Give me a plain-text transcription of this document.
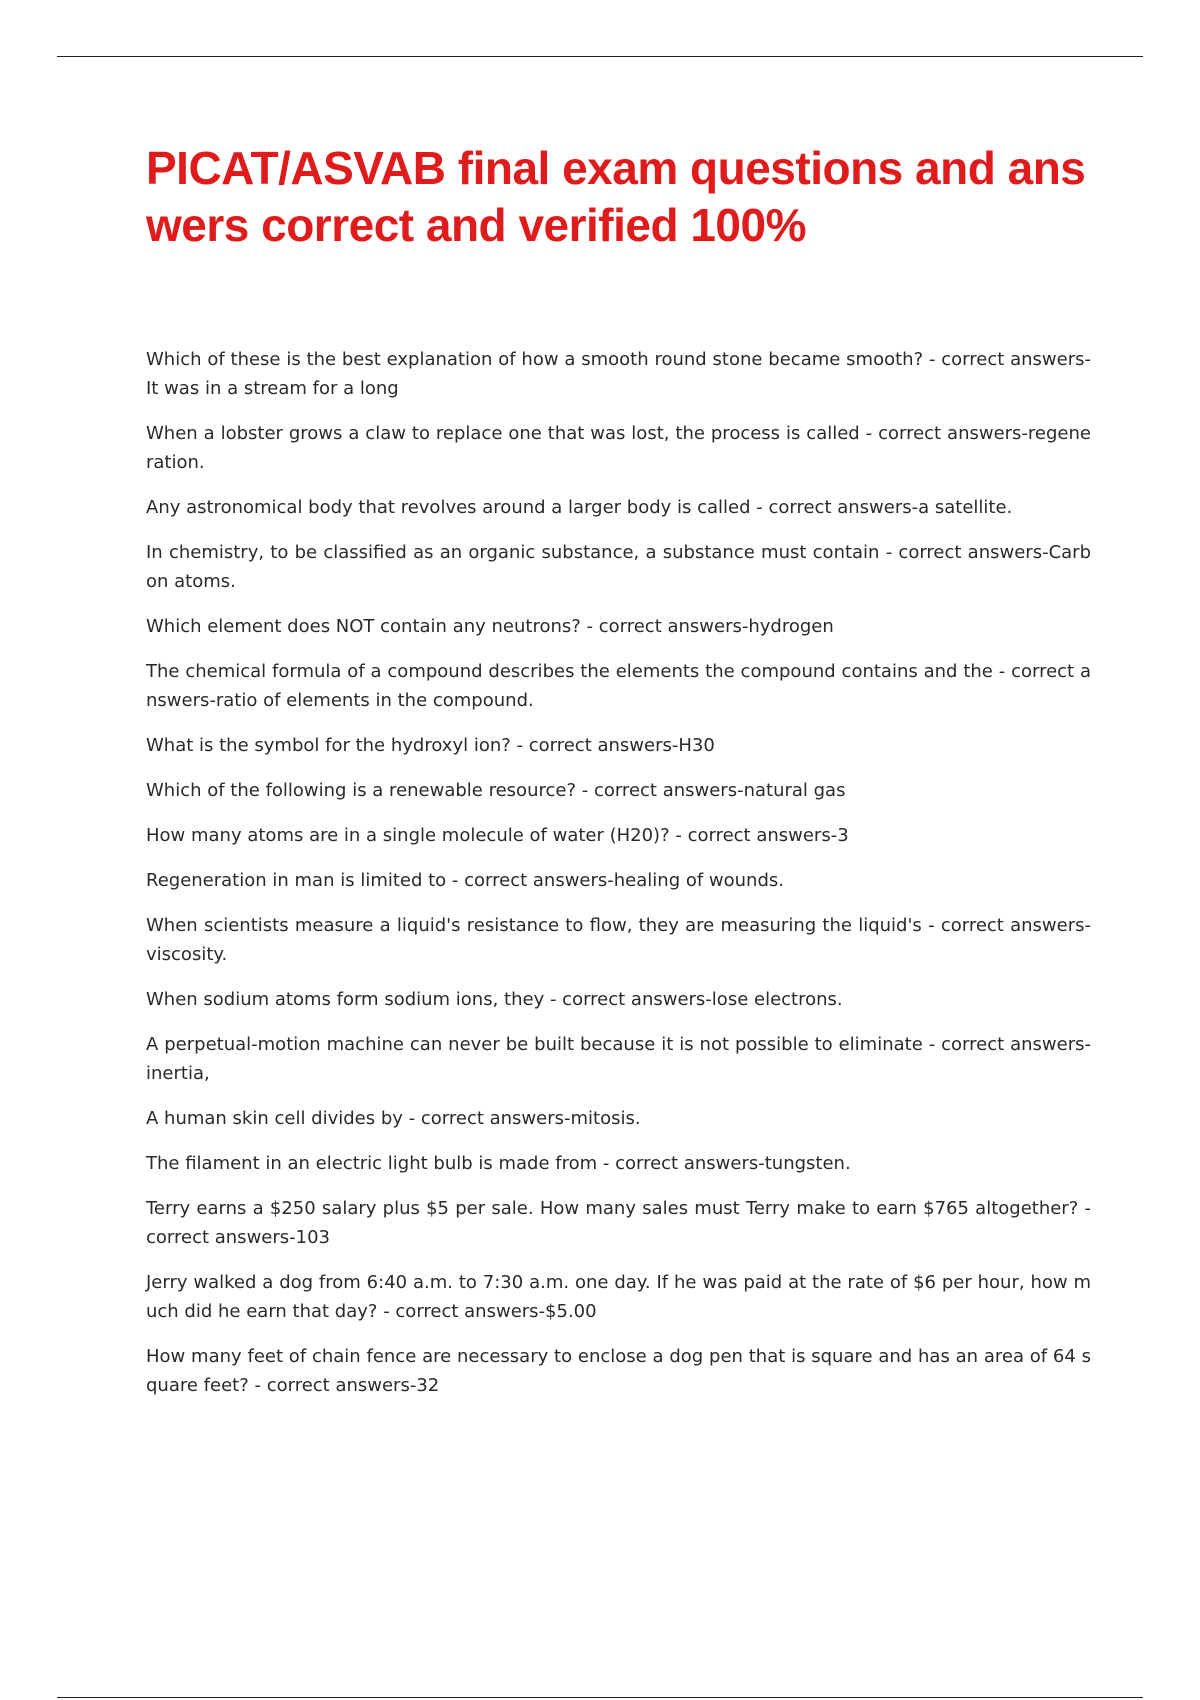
PICAT/ASVAB final exam questions and answers correct and verified 100%
Which of these is the best explanation of how a smooth round stone became smooth? - correct answers-It was in a stream for a long
When a lobster grows a claw to replace one that was lost, the process is called - correct answers-regeneration.
Any astronomical body that revolves around a larger body is called - correct answers-a satellite.
In chemistry, to be classified as an organic substance, a substance must contain - correct answers-Carbon atoms.
Which element does NOT contain any neutrons? - correct answers-hydrogen
The chemical formula of a compound describes the elements the compound contains and the - correct answers-ratio of elements in the compound.
What is the symbol for the hydroxyl ion? - correct answers-H30
Which of the following is a renewable resource? - correct answers-natural gas
How many atoms are in a single molecule of water (H20)? - correct answers-3
Regeneration in man is limited to - correct answers-healing of wounds.
When scientists measure a liquid's resistance to flow, they are measuring the liquid's - correct answers-viscosity.
When sodium atoms form sodium ions, they - correct answers-lose electrons.
A perpetual-motion machine can never be built because it is not possible to eliminate - correct answers-inertia,
A human skin cell divides by - correct answers-mitosis.
The filament in an electric light bulb is made from - correct answers-tungsten.
Terry earns a $250 salary plus $5 per sale. How many sales must Terry make to earn $765 altogether? - correct answers-103
Jerry walked a dog from 6:40 a.m. to 7:30 a.m. one day. If he was paid at the rate of $6 per hour, how much did he earn that day? - correct answers-$5.00
How many feet of chain fence are necessary to enclose a dog pen that is square and has an area of 64 square feet? - correct answers-32
